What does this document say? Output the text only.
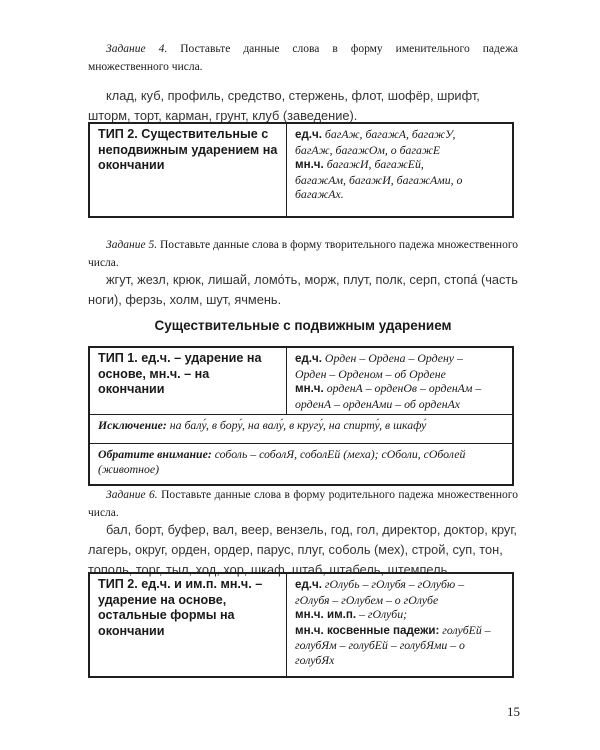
Задание 4. Поставьте данные слова в форму именительного падежа множественного числа.
клад, куб, профиль, средство, стержень, флот, шофёр, шрифт, шторм, торт, карман, грунт, клуб (заведение).
ТИП 2. Существительные с неподвижным ударением на окончании	
ед.ч. багАж, багажА, багажУ,
багАж, багажОм, о багажЕ
мн.ч. багажИ, багажЕй,
багажАм, багажИ, багажАми, о
багажАх.
Задание 5. Поставьте данные слова в форму творительного падежа множественного числа.
жгут, жезл, крюк, лишай, ломо́ть, морж, плут, полк, серп, стопа́ (часть ноги), ферзь, холм, шут, ячмень.
Существительные с подвижным ударением
ТИП 1. ед.ч. – ударение на основе, мн.ч. – на окончании	
ед.ч. Орден – Ордена – Ордену –
Орден – Орденом – об Ордене
мн.ч. орденА – орденОв – орденАм –
орденА – орденАми – об орденАх

Исключение: на балу́, в бору́, на валу́, в кругу́, на спирту́, в шкафу́
Обратите внимание: соболь – соболЯ, соболЕй (меха); сОболи, сОболей (животное)
Задание 6. Поставьте данные слова в форму родительного падежа множественного числа.
бал, борт, буфер, вал, веер, вензель, год, гол, директор, доктор, круг, лагерь, округ, орден, ордер, парус, плуг, соболь (мех), строй, суп, тон, тополь, торг, тыл, ход, хор, шкаф, штаб, штабель, штемпель.
ТИП 2. ед.ч. и им.п. мн.ч. – ударение на основе, остальные формы на окончании	
ед.ч. гОлубь – гОлубя – гОлубю –
гОлубя – гОлубем – о гОлубе
мн.ч. им.п. – гОлуби;
мн.ч. косвенные падежи: голубЕй –
голубЯм – голубЕй – голубЯми – о
голубЯх
15
